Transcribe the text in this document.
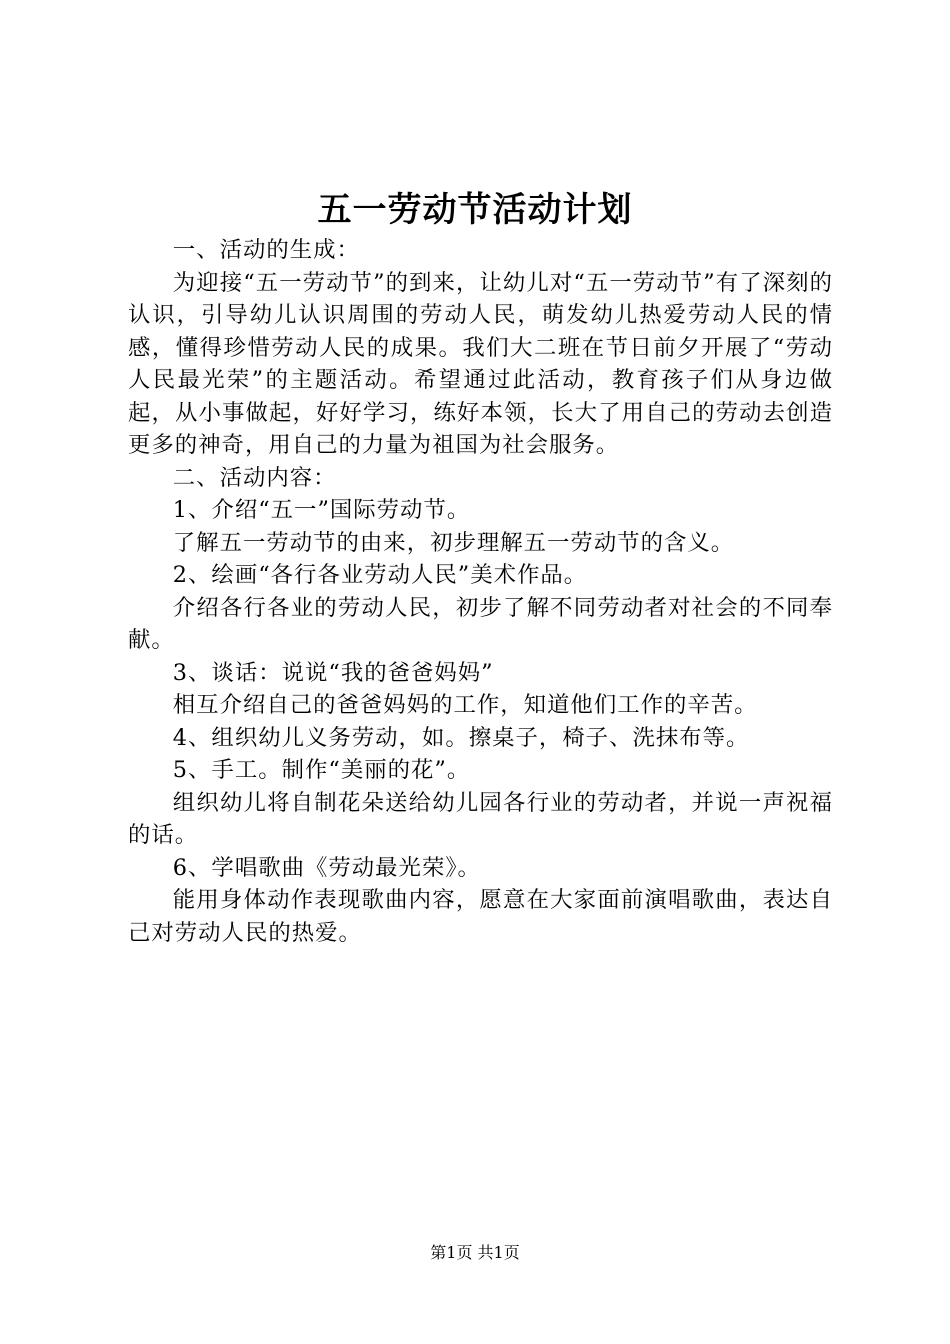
五一劳动节活动计划

一、活动的生成：

为迎接“五一劳动节”的到来，让幼儿对“五一劳动节”有了深刻的认识，引导幼儿认识周围的劳动人民，萌发幼儿热爱劳动人民的情感，懂得珍惜劳动人民的成果。我们大二班在节日前夕开展了“劳动人民最光荣”的主题活动。希望通过此活动，教育孩子们从身边做起，从小事做起，好好学习，练好本领，长大了用自己的劳动去创造更多的神奇，用自己的力量为祖国为社会服务。

二、活动内容：

1、介绍“五一”国际劳动节。

了解五一劳动节的由来，初步理解五一劳动节的含义。

2、绘画“各行各业劳动人民”美术作品。

介绍各行各业的劳动人民，初步了解不同劳动者对社会的不同奉献。

3、谈话：说说“我的爸爸妈妈”

相互介绍自己的爸爸妈妈的工作，知道他们工作的辛苦。

4、组织幼儿义务劳动，如。擦桌子，椅子、洗抹布等。

5、手工。制作“美丽的花”。

组织幼儿将自制花朵送给幼儿园各行业的劳动者，并说一声祝福的话。

6、学唱歌曲《劳动最光荣》。

能用身体动作表现歌曲内容，愿意在大家面前演唱歌曲，表达自己对劳动人民的热爱。

第1页 共1页
